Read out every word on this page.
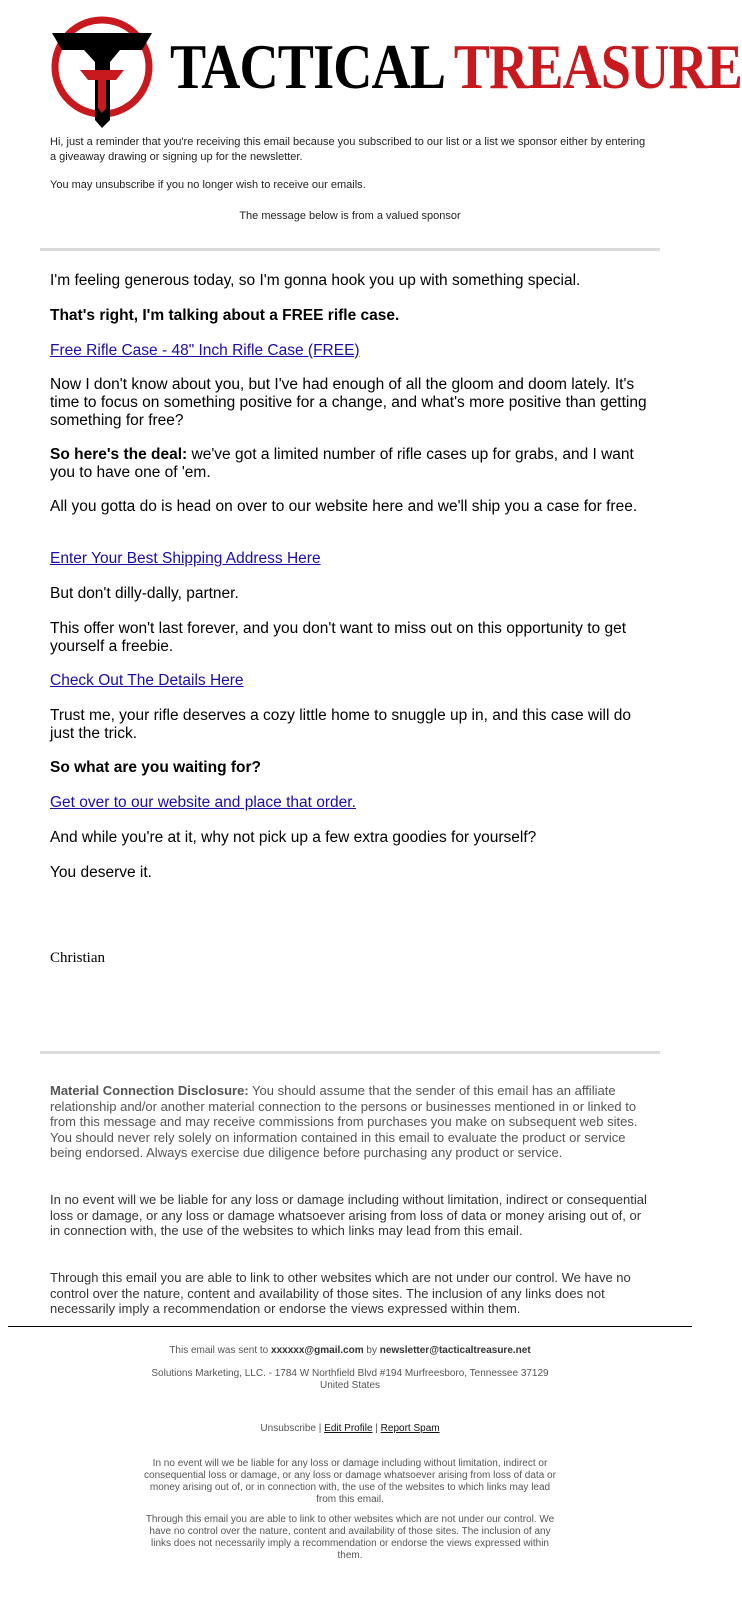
TACTICAL TREASURE

Hi, just a reminder that you're receiving this email because you subscribed to our list or a list we sponsor either by entering a giveaway drawing or signing up for the newsletter.

You may unsubscribe if you no longer wish to receive our emails.

The message below is from a valued sponsor

I'm feeling generous today, so I'm gonna hook you up with something special.

That's right, I'm talking about a FREE rifle case.

Free Rifle Case - 48" Inch Rifle Case (FREE)

Now I don't know about you, but I've had enough of all the gloom and doom lately. It's time to focus on something positive for a change, and what's more positive than getting something for free?

So here's the deal: we've got a limited number of rifle cases up for grabs, and I want you to have one of 'em.

All you gotta do is head on over to our website here and we'll ship you a case for free.

Enter Your Best Shipping Address Here

But don't dilly-dally, partner.

This offer won't last forever, and you don't want to miss out on this opportunity to get yourself a freebie.

Check Out The Details Here

Trust me, your rifle deserves a cozy little home to snuggle up in, and this case will do just the trick.

So what are you waiting for?

Get over to our website and place that order.

And while you're at it, why not pick up a few extra goodies for yourself?

You deserve it.

Christian

Material Connection Disclosure: You should assume that the sender of this email has an affiliate relationship and/or another material connection to the persons or businesses mentioned in or linked to from this message and may receive commissions from purchases you make on subsequent web sites. You should never rely solely on information contained in this email to evaluate the product or service being endorsed. Always exercise due diligence before purchasing any product or service.

In no event will we be liable for any loss or damage including without limitation, indirect or consequential loss or damage, or any loss or damage whatsoever arising from loss of data or money arising out of, or in connection with, the use of the websites to which links may lead from this email.

Through this email you are able to link to other websites which are not under our control. We have no control over the nature, content and availability of those sites. The inclusion of any links does not necessarily imply a recommendation or endorse the views expressed within them.

This email was sent to xxxxxx@gmail.com by newsletter@tacticaltreasure.net

Solutions Marketing, LLC. - 1784 W Northfield Blvd #194 Murfreesboro, Tennessee 37129 United States

Unsubscribe | Edit Profile | Report Spam

In no event will we be liable for any loss or damage including without limitation, indirect or consequential loss or damage, or any loss or damage whatsoever arising from loss of data or money arising out of, or in connection with, the use of the websites to which links may lead from this email.

Through this email you are able to link to other websites which are not under our control. We have no control over the nature, content and availability of those sites. The inclusion of any links does not necessarily imply a recommendation or endorse the views expressed within them.
